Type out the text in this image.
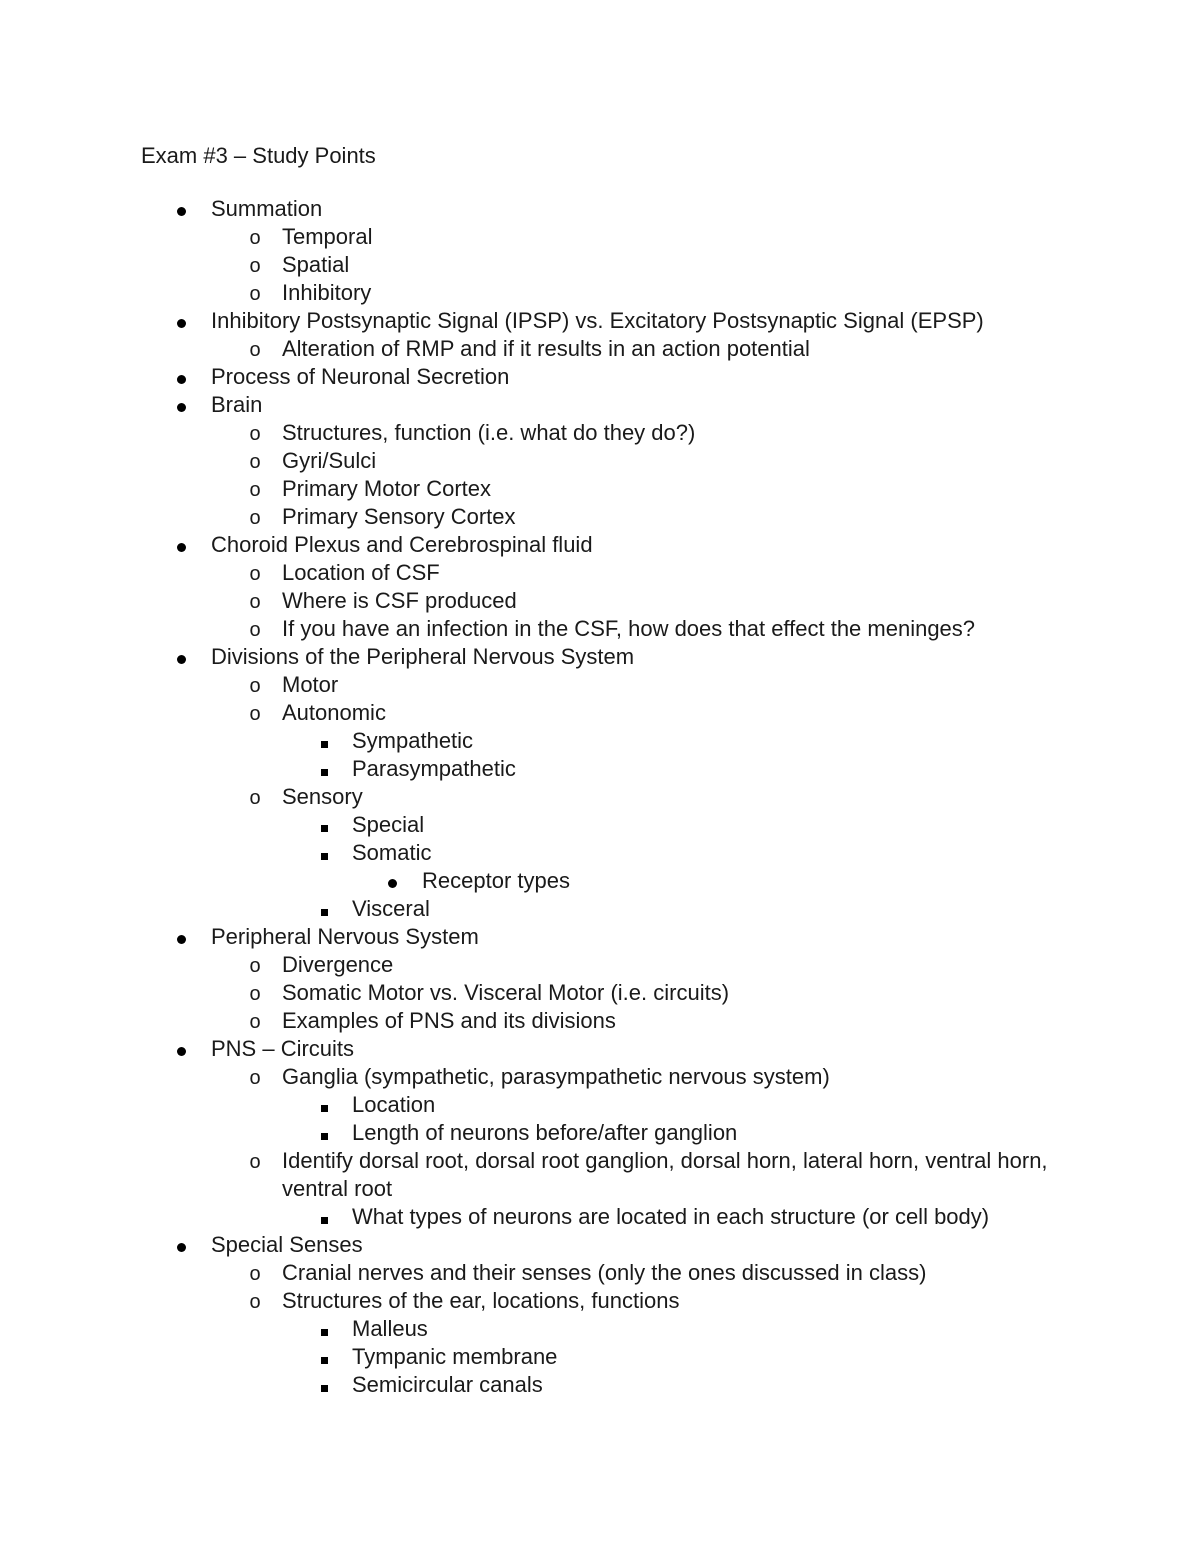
Exam #3 – Study Points
Summation
o Temporal
o Spatial
o Inhibitory
Inhibitory Postsynaptic Signal (IPSP) vs. Excitatory Postsynaptic Signal (EPSP)
o Alteration of RMP and if it results in an action potential
Process of Neuronal Secretion
Brain
o Structures, function (i.e. what do they do?)
o Gyri/Sulci
o Primary Motor Cortex
o Primary Sensory Cortex
Choroid Plexus and Cerebrospinal fluid
o Location of CSF
o Where is CSF produced
o If you have an infection in the CSF, how does that effect the meninges?
Divisions of the Peripheral Nervous System
o Motor
o Autonomic
Sympathetic
Parasympathetic
o Sensory
Special
Somatic
Receptor types
Visceral
Peripheral Nervous System
o Divergence
o Somatic Motor vs. Visceral Motor (i.e. circuits)
o Examples of PNS and its divisions
PNS – Circuits
o Ganglia (sympathetic, parasympathetic nervous system)
Location
Length of neurons before/after ganglion
o Identify dorsal root, dorsal root ganglion, dorsal horn, lateral horn, ventral horn, ventral root
What types of neurons are located in each structure (or cell body)
Special Senses
o Cranial nerves and their senses (only the ones discussed in class)
o Structures of the ear, locations, functions
Malleus
Tympanic membrane
Semicircular canals
